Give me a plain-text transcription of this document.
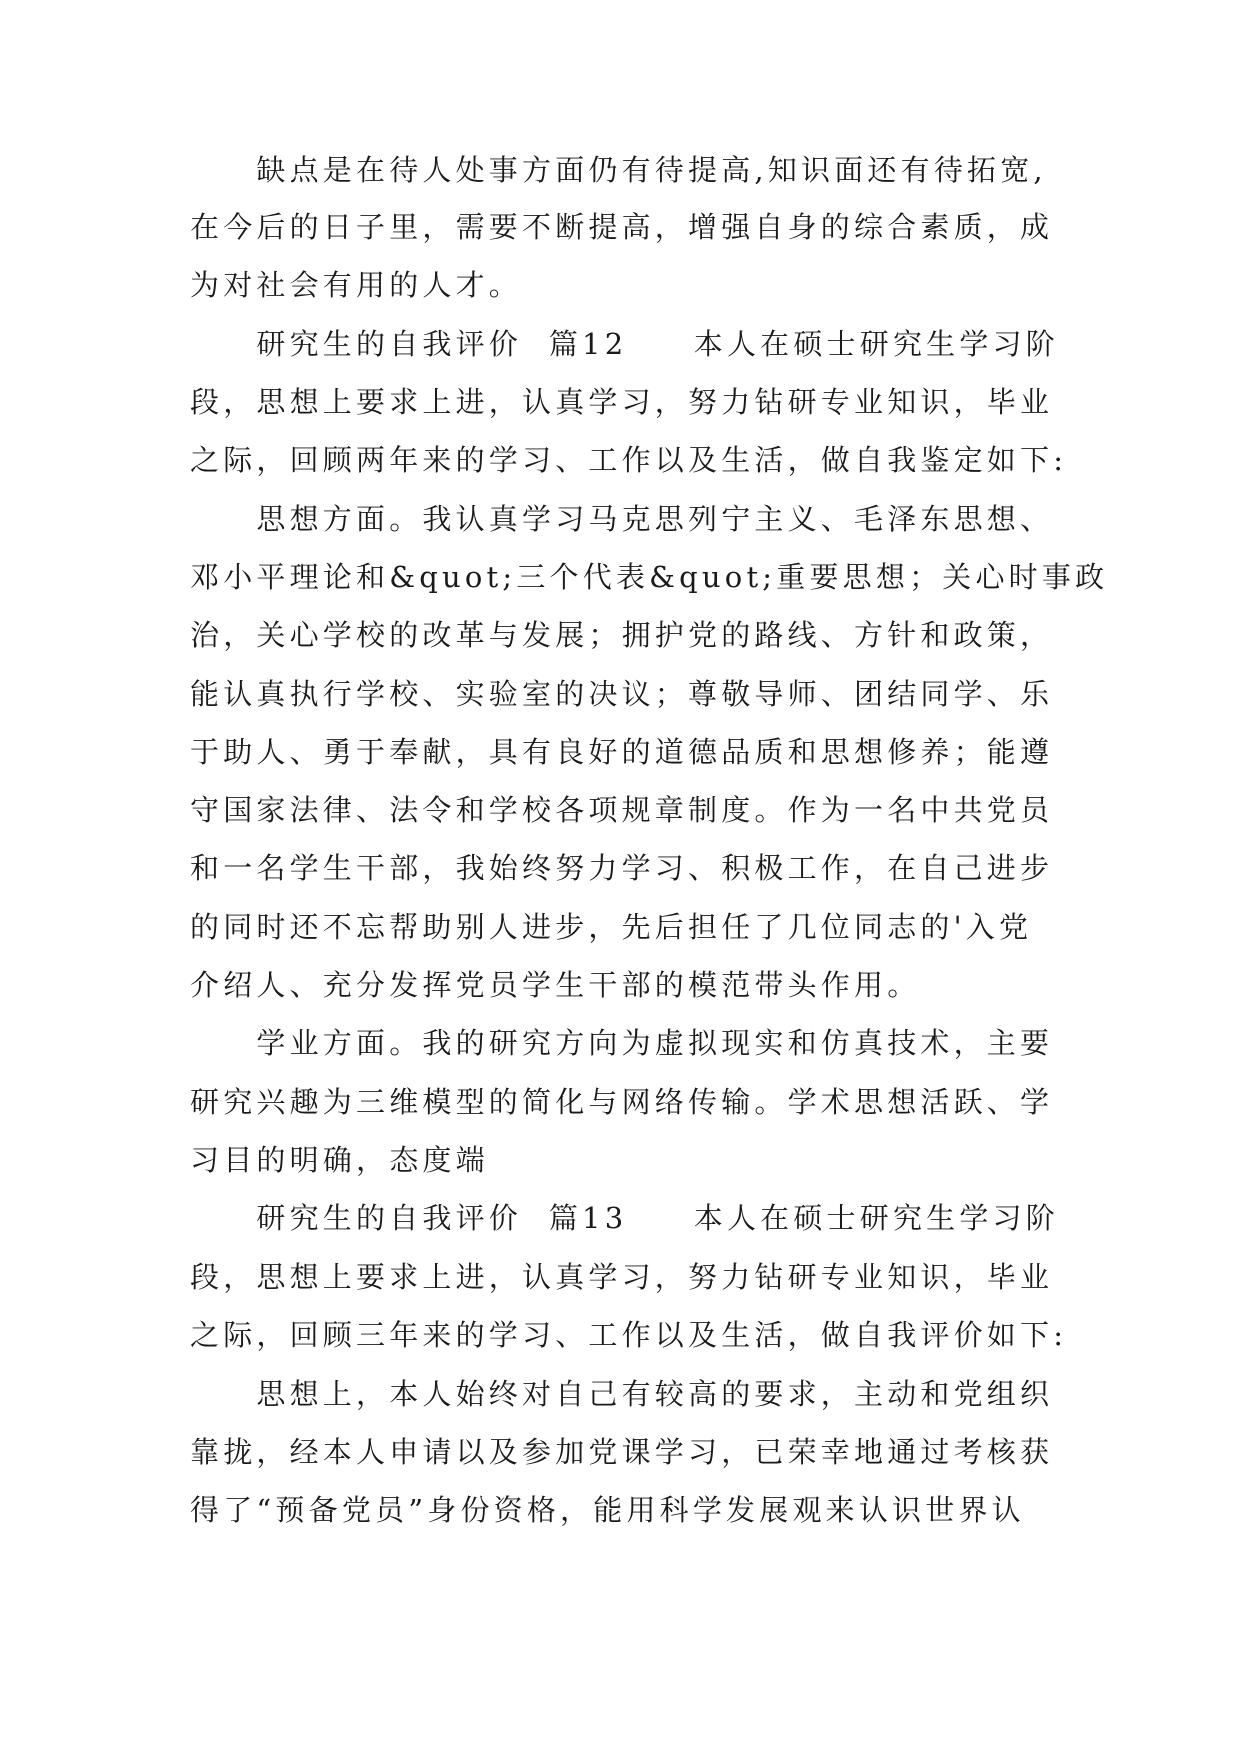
　　缺点是在待人处事方面仍有待提高,知识面还有待拓宽,
在今后的日子里，需要不断提高，增强自身的综合素质，成
为对社会有用的人才。
　　研究生的自我评价  篇12　　本人在硕士研究生学习阶
段，思想上要求上进，认真学习，努力钻研专业知识，毕业
之际，回顾两年来的学习、工作以及生活，做自我鉴定如下:
　　思想方面。我认真学习马克思列宁主义、毛泽东思想、
邓小平理论和&quot;三个代表&quot;重要思想；关心时事政
治，关心学校的改革与发展；拥护党的路线、方针和政策，
能认真执行学校、实验室的决议；尊敬导师、团结同学、乐
于助人、勇于奉献，具有良好的道德品质和思想修养；能遵
守国家法律、法令和学校各项规章制度。作为一名中共党员
和一名学生干部，我始终努力学习、积极工作，在自己进步
的同时还不忘帮助别人进步，先后担任了几位同志的'入党
介绍人、充分发挥党员学生干部的模范带头作用。
　　学业方面。我的研究方向为虚拟现实和仿真技术，主要
研究兴趣为三维模型的简化与网络传输。学术思想活跃、学
习目的明确，态度端
　　研究生的自我评价  篇13　　本人在硕士研究生学习阶
段，思想上要求上进，认真学习，努力钻研专业知识，毕业
之际，回顾三年来的学习、工作以及生活，做自我评价如下:
　　思想上，本人始终对自己有较高的要求，主动和党组织
靠拢，经本人申请以及参加党课学习，已荣幸地通过考核获
得了“预备党员”身份资格，能用科学发展观来认识世界认
